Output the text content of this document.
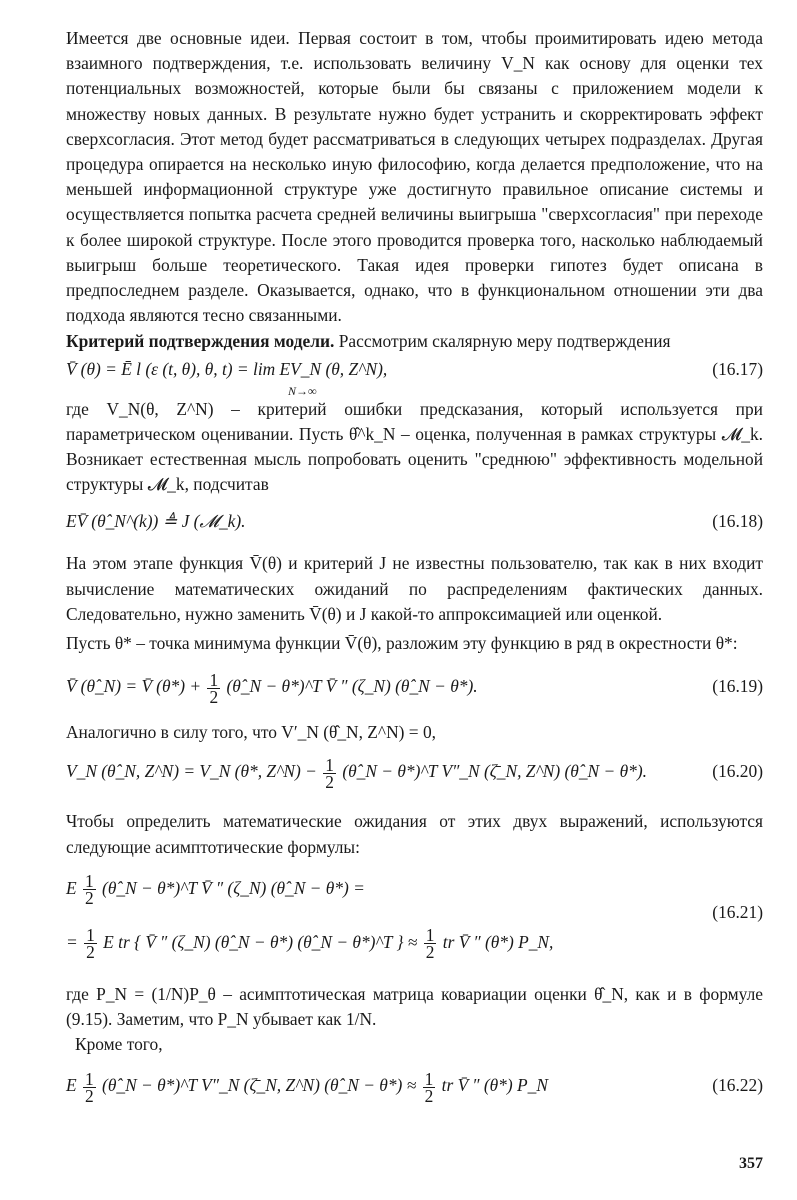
Имеется две основные идеи. Первая состоит в том, чтобы проимитировать идею метода взаимного подтверждения, т.е. использовать величину V_N как основу для оценки тех потенциальных возможностей, которые были бы связаны с приложением модели к множеству новых данных. В результате нужно будет устранить и скорректировать эффект сверхсогласия. Этот метод будет рассматриваться в следующих четырех подразделах. Другая процедура опирается на несколько иную философию, когда делается предположение, что на меньшей информационной структуре уже достигнуто правильное описание системы и осуществляется попытка расчета средней величины выигрыша "сверхсогласия" при переходе к более широкой структуре. После этого проводится проверка того, насколько наблюдаемый выигрыш больше теоретического. Такая идея проверки гипотез будет описана в предпоследнем разделе. Оказывается, однако, что в функциональном отношении эти два подхода являются тесно связанными.

Критерий подтверждения модели. Рассмотрим скалярную меру подтверждения

V̄ (θ) = Ē l (ε (t, θ), θ, t) = lim EV_N (θ, Z^N),
N→∞
(16.17)

где V_N(θ, Z^N) – критерий ошибки предсказания, который используется при параметрическом оценивании. Пусть θ̂^k_N – оценка, полученная в рамках структуры 𝓜_k. Возникает естественная мысль попробовать оценить "среднюю" эффективность модельной структуры 𝓜_k, подсчитав

EV̄ (θ̂_N^(k)) ≜ J (𝓜_k).	(16.18)

На этом этапе функция V̄(θ) и критерий J не известны пользователю, так как в них входит вычисление математических ожиданий по распределениям фактических данных. Следовательно, нужно заменить V̄(θ) и J какой-то аппроксимацией или оценкой.

Пусть θ* – точка минимума функции V̄(θ), разложим эту функцию в ряд в окрестности θ*:

V̄ (θ̂_N) = V̄ $(\theta*) + \frac{1}{2}$ (θ̂_N − θ*)^T V̄ ″ (ζ_N) (θ̂_N − θ*).	(16.19)

Аналогично в силу того, что V′_N (θ̂_N, Z^N) = 0,

V_N (θ̂_N, Z^N) = V_N (θ*, Z^N) − $\frac{1}{2}$ (θ̂_N − θ*)^T V″_N (ζ̄_N, Z^N) (θ̂_N − θ*).	(16.20)

Чтобы определить математические ожидания от этих двух выражений, используются следующие асимптотические формулы:

E $\frac{1}{2}$ (θ̂_N − θ*)^T V̄ ″ (ζ_N) (θ̂_N − θ*) =
(16.21)
= $\frac{1}{2}$ E tr { V̄ ″ (ζ_N) (θ̂_N − θ*) (θ̂_N − θ*)^T } ≈ $\frac{1}{2}$ tr V̄ ″ (θ*) P_N,

где P_N = (1/N)P_θ – асимптотическая матрица ковариации оценки θ̂_N, как и в формуле (9.15). Заметим, что P_N убывает как 1/N.

Кроме того,

E $\frac{1}{2}$ (θ̂_N − θ*)^T V″_N (ζ̄_N, Z^N) (θ̂_N − $\theta*) \approx \frac{1}{2}$ tr V̄ ″ (θ*) P_N	(16.22)
357
